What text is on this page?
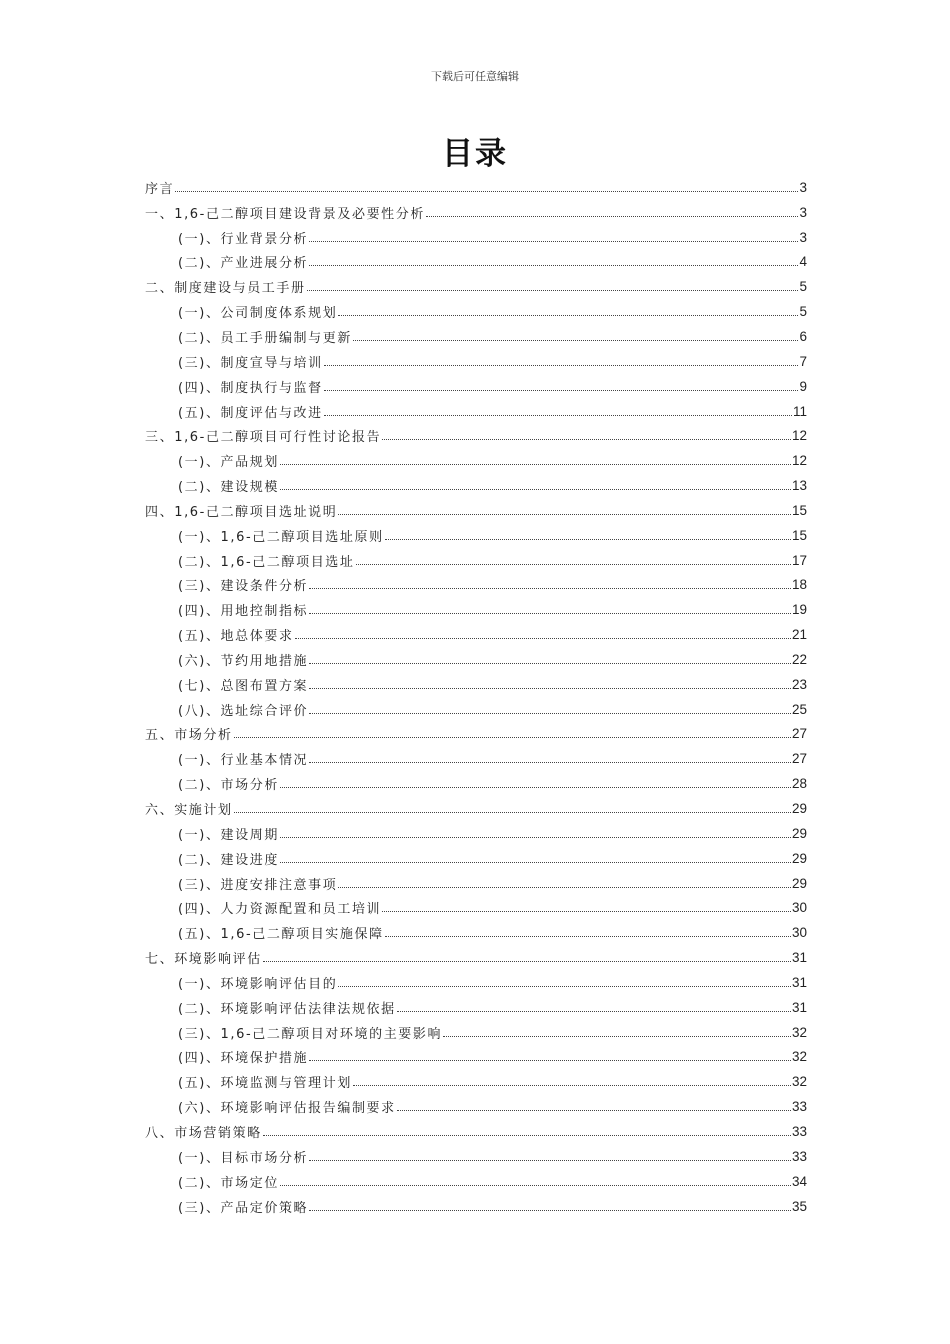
下载后可任意编辑
目录
序言	3
一、1,6-己二醇项目建设背景及必要性分析	3
(一)、行业背景分析	3
(二)、产业进展分析	4
二、制度建设与员工手册	5
(一)、公司制度体系规划	5
(二)、员工手册编制与更新	6
(三)、制度宣导与培训	7
(四)、制度执行与监督	9
(五)、制度评估与改进	11
三、1,6-己二醇项目可行性讨论报告	12
(一)、产品规划	12
(二)、建设规模	13
四、1,6-己二醇项目选址说明	15
(一)、1,6-己二醇项目选址原则	15
(二)、1,6-己二醇项目选址	17
(三)、建设条件分析	18
(四)、用地控制指标	19
(五)、地总体要求	21
(六)、节约用地措施	22
(七)、总图布置方案	23
(八)、选址综合评价	25
五、市场分析	27
(一)、行业基本情况	27
(二)、市场分析	28
六、实施计划	29
(一)、建设周期	29
(二)、建设进度	29
(三)、进度安排注意事项	29
(四)、人力资源配置和员工培训	30
(五)、1,6-己二醇项目实施保障	30
七、环境影响评估	31
(一)、环境影响评估目的	31
(二)、环境影响评估法律法规依据	31
(三)、1,6-己二醇项目对环境的主要影响	32
(四)、环境保护措施	32
(五)、环境监测与管理计划	32
(六)、环境影响评估报告编制要求	33
八、市场营销策略	33
(一)、目标市场分析	33
(二)、市场定位	34
(三)、产品定价策略	35
